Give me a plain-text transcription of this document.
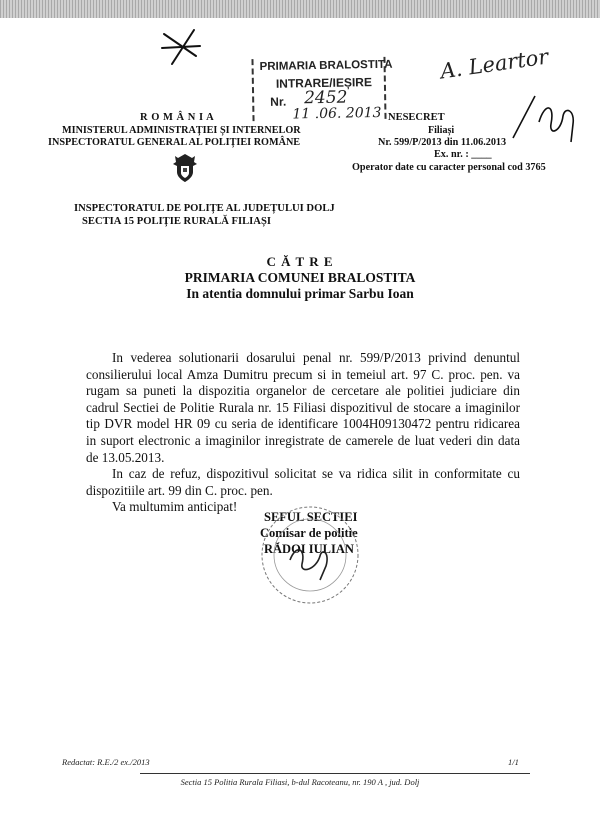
PRIMARIA BRALOSTITA
INTRARE/IEȘIRE
Nr. 2452
11 .06. 2013
A. Leartor
R O M Â N I A
MINISTERUL ADMINISTRAȚIEI ȘI INTERNELOR
INSPECTORATUL GENERAL AL POLIȚIEI ROMÂNE
NESECRET
Filiași
Nr. 599/P/2013 din 11.06.2013
Ex. nr. : ____
Operator date cu caracter personal cod 3765
INSPECTORATUL DE POLIȚE AL JUDEȚULUI DOLJ
SECTIA 15 POLIȚIE RURALĂ FILIAȘI
C Ă T R E
PRIMARIA COMUNEI BRALOSTITA
In atentia domnului primar Sarbu Ioan

In vederea solutionarii dosarului penal nr. 599/P/2013 privind denuntul consilierului local Amza Dumitru precum si in temeiul art. 97 C. proc. pen. va rugam sa puneti la dispozitia organelor de cercetare ale politiei judiciare din cadrul Sectiei de Politie Rurala nr. 15 Filiasi dispozitivul de stocare a imaginilor tip DVR model HR 09 cu seria de identificare 1004H09130472 pentru ridicarea in suport electronic a imaginilor inregistrate de camerele de luat vederi din data de 13.05.2013.

In caz de refuz, dispozitivul solicitat se va ridica silit in conformitate cu dispozitiile art. 99 din C. proc. pen.

Va multumim anticipat!

SEFUL SECTIEI
Comisar de politie
RĂDOI IULIAN
Redactat: R.E./2 ex./2013	1/1
Sectia 15 Politia Rurala Filiasi, b-dul Racoteanu, nr. 190 A , jud. Dolj
